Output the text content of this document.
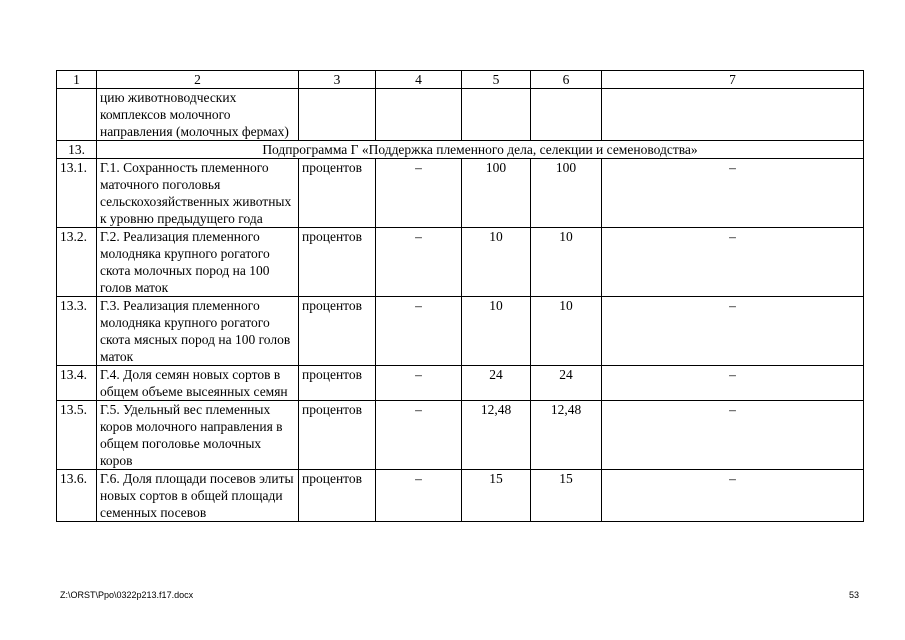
1	2	3	4	5	6	7
	цию животноводческих комплексов молочного направления (молочных фермах)					
13.	Подпрограмма Г «Поддержка племенного дела, селекции и семеноводства»					
13.1.	Г.1. Сохранность племенного маточного поголовья сельскохозяйственных животных к уровню предыдущего года	процентов	–	100	100	–
13.2.	Г.2. Реализация племенного молодняка крупного рогатого скота молочных пород на 100 голов маток	процентов	–	10	10	–
13.3.	Г.3. Реализация племенного молодняка крупного рогатого скота мясных пород на 100 голов маток	процентов	–	10	10	–
13.4.	Г.4. Доля семян новых сортов в общем объеме высеянных семян	процентов	–	24	24	–
13.5.	Г.5. Удельный вес племенных коров молочного направления в общем поголовье молочных коров	процентов	–	12,48	12,48	–
13.6.	Г.6. Доля площади посевов элиты новых сортов в общей площади семенных посевов	процентов	–	15	15	–
Z:\ORST\Ppo\0322p213.f17.docx	53
